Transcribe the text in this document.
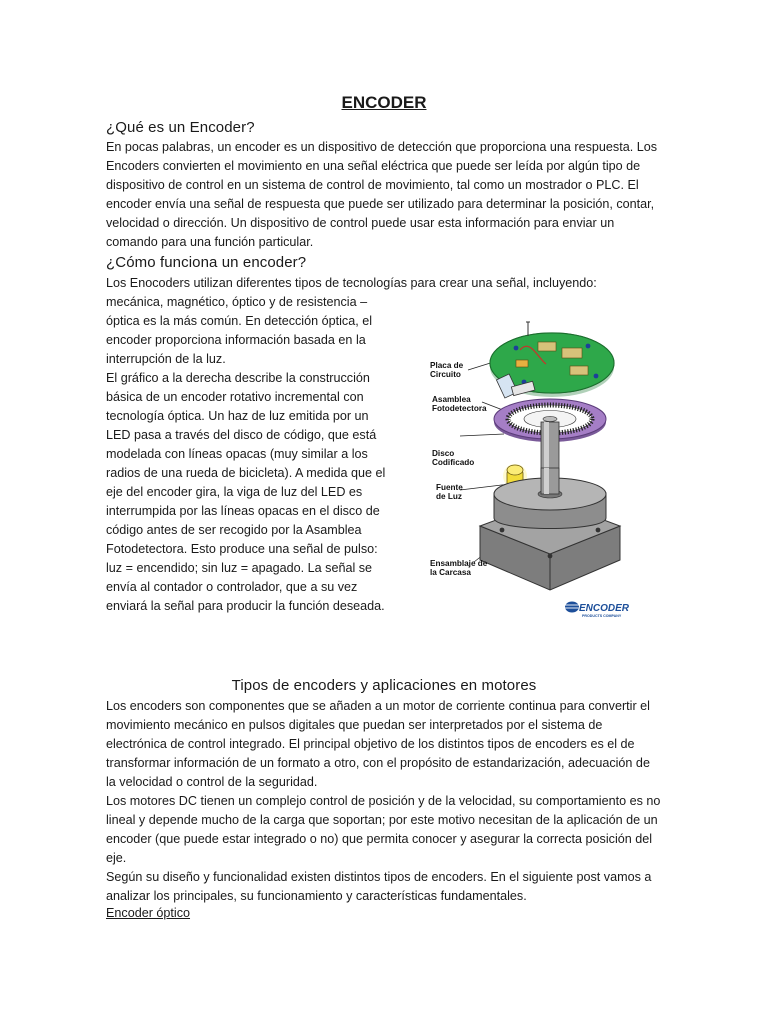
ENCODER
¿Qué es un Encoder?

En pocas palabras, un encoder es un dispositivo de detección que proporciona una respuesta. Los Encoders convierten el movimiento en una señal eléctrica que puede ser leída por algún tipo de dispositivo de control en un sistema de control de movimiento, tal como un mostrador o PLC. El encoder envía una señal de respuesta que puede ser utilizado para determinar la posición, contar, velocidad o dirección. Un dispositivo de control puede usar esta información para enviar un comando para una función particular.

¿Cómo funciona un encoder?

Los Enocoders utilizan diferentes tipos de tecnologías para crear una señal, incluyendo:

mecánica, magnético, óptico y de resistencia – óptica es la más común. En detección óptica, el encoder proporciona información basada en la interrupción de la luz.
El gráfico a la derecha describe la construcción básica de un encoder rotativo incremental con tecnología óptica. Un haz de luz emitida por un LED pasa a través del disco de código, que está modelada con líneas opacas (muy similar a los radios de una rueda de bicicleta). A medida que el eje del encoder gira, la viga de luz del LED es interrumpida por las líneas opacas en el disco de código antes de ser recogido por la Asamblea Fotodetectora. Esto produce una señal de pulso: luz = encendido; sin luz = apagado. La señal se envía al contador o controlador, que a su vez enviará la señal para producir la función deseada.

Placa de
Circuito
Asamblea
Fotodetectora
Disco
Codificado
Fuente
de Luz
Ensamblaje de
la Carcasa
ENCODER
PRODUCTS COMPANY
Tipos de encoders y aplicaciones en motores

Los encoders son componentes que se añaden a un motor de corriente continua para convertir el movimiento mecánico en pulsos digitales que puedan ser interpretados por el sistema de electrónica de control integrado. El principal objetivo de los distintos tipos de encoders es el de transformar información de un formato a otro, con el propósito de estandarización, adecuación de la velocidad o control de la seguridad.

Los motores DC tienen un complejo control de posición y de la velocidad, su comportamiento es no lineal y depende mucho de la carga que soportan; por este motivo necesitan de la aplicación de un encoder (que puede estar integrado o no) que permita conocer y asegurar la correcta posición del eje.

Según su diseño y funcionalidad existen distintos tipos de encoders. En el siguiente post vamos a analizar los principales, su funcionamiento y características fundamentales.

Encoder óptico
